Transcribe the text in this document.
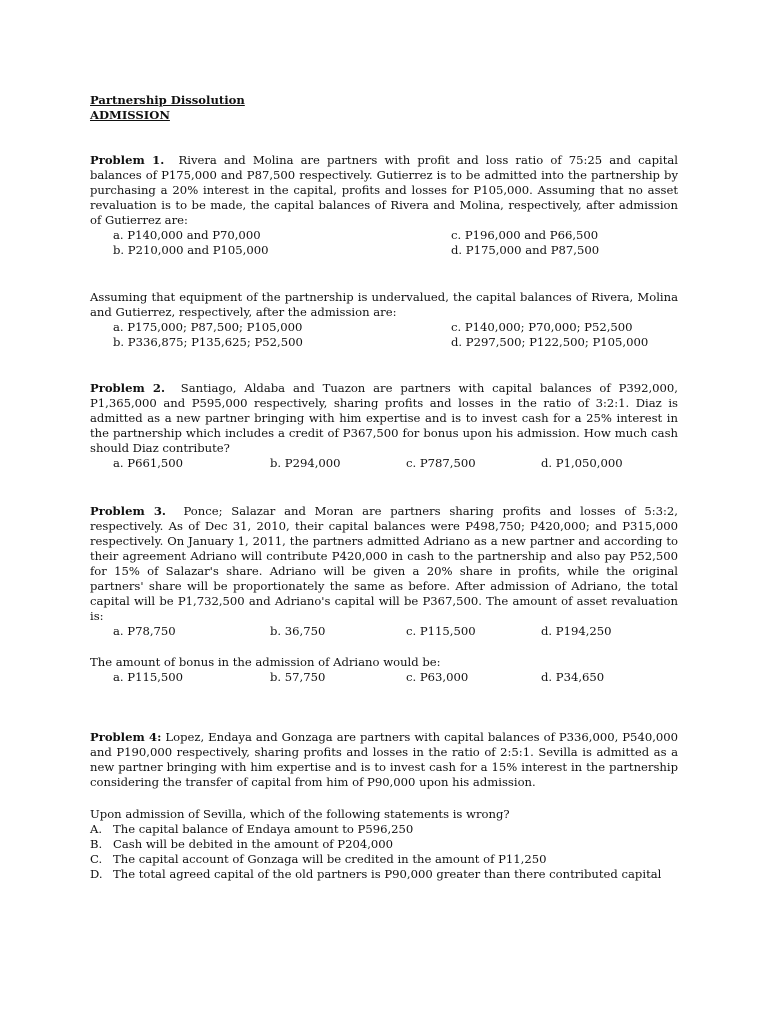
Partnership Dissolution
ADMISSION

Problem 1. Rivera and Molina are partners with profit and loss ratio of 75:25 and capital balances of P175,000 and P87,500 respectively. Gutierrez is to be admitted into the partnership by purchasing a 20% interest in the capital, profits and losses for P105,000. Assuming that no asset revaluation is to be made, the capital balances of Rivera and Molina, respectively, after admission of Gutierrez are:

a. P140,000 and P70,000	c. P196,000 and P66,500
b. P210,000 and P105,000	d. P175,000 and P87,500

Assuming that equipment of the partnership is undervalued, the capital balances of Rivera, Molina and Gutierrez, respectively, after the admission are:

a. P175,000; P87,500; P105,000	c. P140,000; P70,000; P52,500
b. P336,875; P135,625; P52,500	d. P297,500; P122,500; P105,000

Problem 2. Santiago, Aldaba and Tuazon are partners with capital balances of P392,000, P1,365,000 and P595,000 respectively, sharing profits and losses in the ratio of 3:2:1. Diaz is admitted as a new partner bringing with him expertise and is to invest cash for a 25% interest in the partnership which includes a credit of P367,500 for bonus upon his admission. How much cash should Diaz contribute?

a. P661,500	b. P294,000	c. P787,500	d. P1,050,000

Problem 3. Ponce; Salazar and Moran are partners sharing profits and losses of 5:3:2, respectively. As of Dec 31, 2010, their capital balances were P498,750; P420,000; and P315,000 respectively. On January 1, 2011, the partners admitted Adriano as a new partner and according to their agreement Adriano will contribute P420,000 in cash to the partnership and also pay P52,500 for 15% of Salazar's share. Adriano will be given a 20% share in profits, while the original partners' share will be proportionately the same as before. After admission of Adriano, the total capital will be P1,732,500 and Adriano's capital will be P367,500. The amount of asset revaluation is:

a. P78,750	b. 36,750	c. P115,500	d. P194,250

The amount of bonus in the admission of Adriano would be:

a. P115,500	b. 57,750	c. P63,000	d. P34,650

Problem 4: Lopez, Endaya and Gonzaga are partners with capital balances of P336,000, P540,000 and P190,000 respectively, sharing profits and losses in the ratio of 2:5:1. Sevilla is admitted as a new partner bringing with him expertise and is to invest cash for a 15% interest in the partnership considering the transfer of capital from him of P90,000 upon his admission.

Upon admission of Sevilla, which of the following statements is wrong?

A. The capital balance of Endaya amount to P596,250
B. Cash will be debited in the amount of P204,000
C. The capital account of Gonzaga will be credited in the amount of P11,250
D. The total agreed capital of the old partners is P90,000 greater than there contributed capital
